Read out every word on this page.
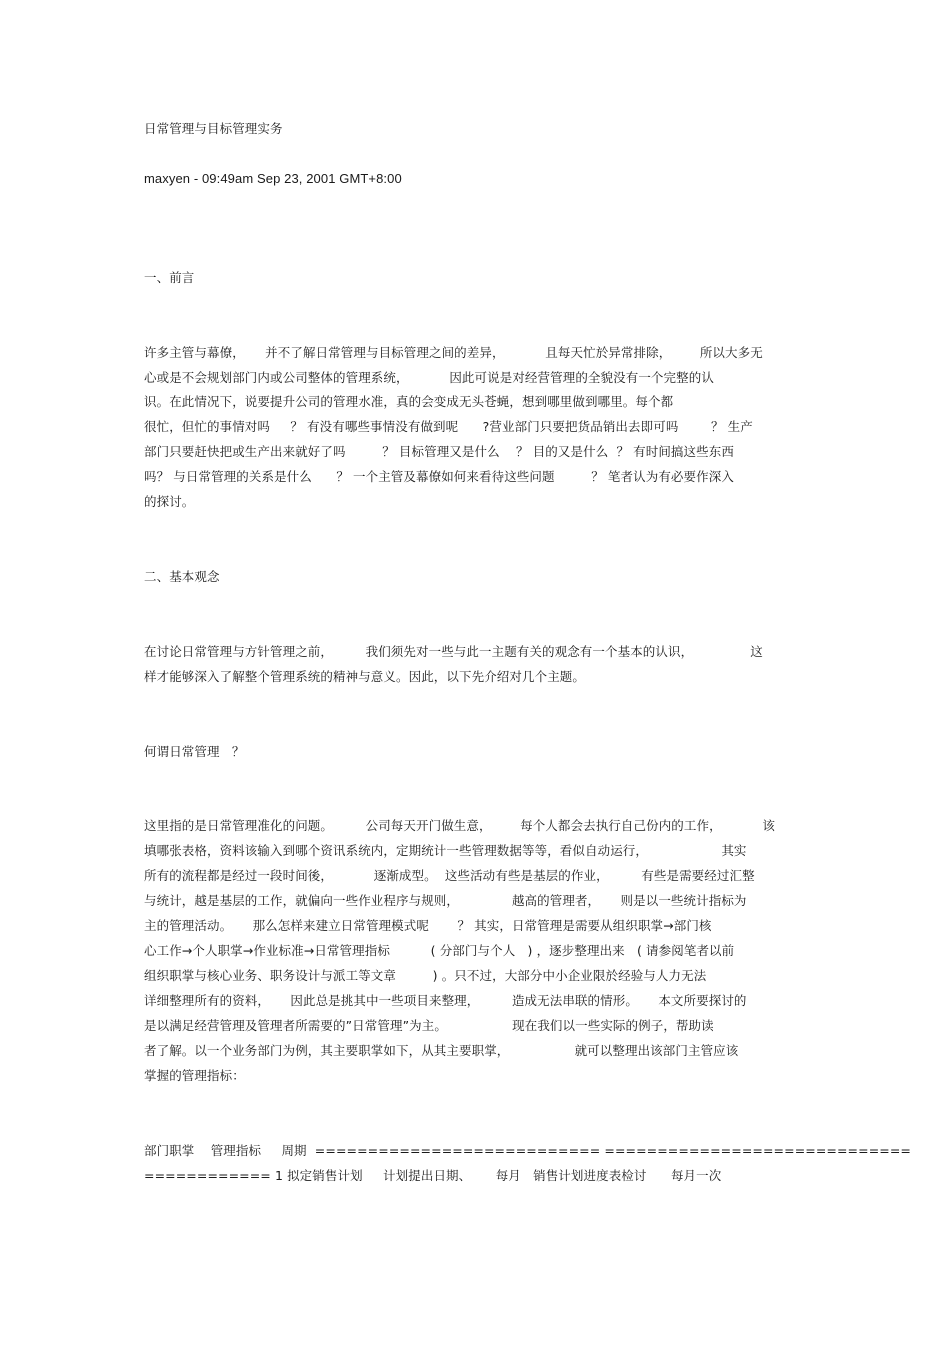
日常管理与目标管理实务
maxyen - 09:49am Sep 23, 2001 GMT+8:00
一、前言
许多主管与幕僚，     并不了解日常管理与目标管理之间的差异，          且每天忙於异常排除，       所以大多无
心或是不会规划部门内或公司整体的管理系统，          因此可说是对经营管理的全貌没有一个完整的认
识。在此情况下，说要提升公司的管理水准，真的会变成无头苍蝇，想到哪里做到哪里。每个都
很忙，但忙的事情对吗     ？ 有没有哪些事情没有做到呢      ?营业部门只要把货品销出去即可吗        ？ 生产
部门只要赶快把或生产出来就好了吗         ？ 目标管理又是什么    ？ 目的又是什么  ？ 有时间搞这些东西
吗？ 与日常管理的关系是什么      ？ 一个主管及幕僚如何来看待这些问题         ？ 笔者认为有必要作深入
的探讨。
二、基本观念
在讨论日常管理与方针管理之前，        我们须先对一些与此一主题有关的观念有一个基本的认识，              这
样才能够深入了解整个管理系统的精神与意义。因此，以下先介绍对几个主题。
何谓日常管理   ？
这里指的是日常管理准化的问题。        公司每天开门做生意，       每个人都会去执行自己份内的工作，          该
填哪张表格，资料该输入到哪个资讯系统内，定期统计一些管理数据等等，看似自动运行，                  其实
所有的流程都是经过一段时间後，          逐渐成型。  这些活动有些是基层的作业，        有些是需要经过汇整
与统计，越是基层的工作，就偏向一些作业程序与规则，             越高的管理者，     则是以一些统计指标为
主的管理活动。     那么怎样来建立日常管理模式呢       ？ 其实，日常管理是需要从组织职掌→部门核
心工作→个人职掌→作业标准→日常管理指标          ( 分部门与个人   ) ，逐步整理出来   ( 请参阅笔者以前
组织职掌与核心业务、职务设计与派工等文章         ) 。只不过，大部分中小企业限於经验与人力无法
详细整理所有的资料，     因此总是挑其中一些项目来整理，        造成无法串联的情形。     本文所要探讨的
是以满足经营管理及管理者所需要的”日常管理”为主。                现在我们以一些实际的例子，帮助读
者了解。以一个业务部门为例，其主要职掌如下，从其主要职掌，                就可以整理出该部门主管应该
掌握的管理指标：
部门职掌    管理指标     周期  =========================== =============================
============ 1 拟定销售计划     计划提出日期、      每月   销售计划进度表检讨      每月一次
